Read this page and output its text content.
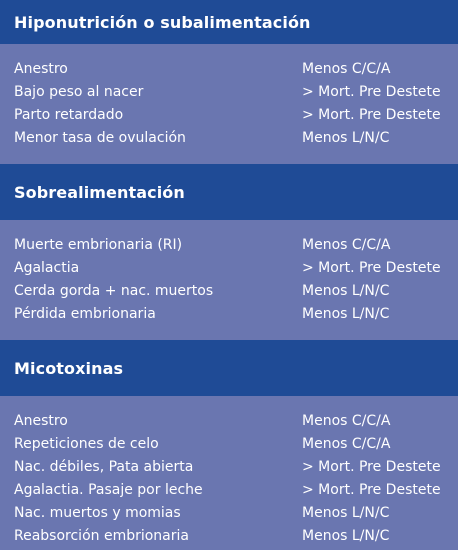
Hiponutrición o subalimentación
Anestro	Menos C/C/A
Bajo peso al nacer	> Mort. Pre Destete
Parto retardado	> Mort. Pre Destete
Menor tasa de ovulación	Menos L/N/C
Sobrealimentación
Muerte embrionaria (RI)	Menos C/C/A
Agalactia	> Mort. Pre Destete
Cerda gorda + nac. muertos	Menos L/N/C
Pérdida embrionaria	Menos L/N/C
Micotoxinas
Anestro	Menos C/C/A
Repeticiones de celo	Menos C/C/A
Nac. débiles, Pata abierta	> Mort. Pre Destete
Agalactia. Pasaje por leche	> Mort. Pre Destete
Nac. muertos y momias	Menos L/N/C
Reabsorción embrionaria	Menos L/N/C
